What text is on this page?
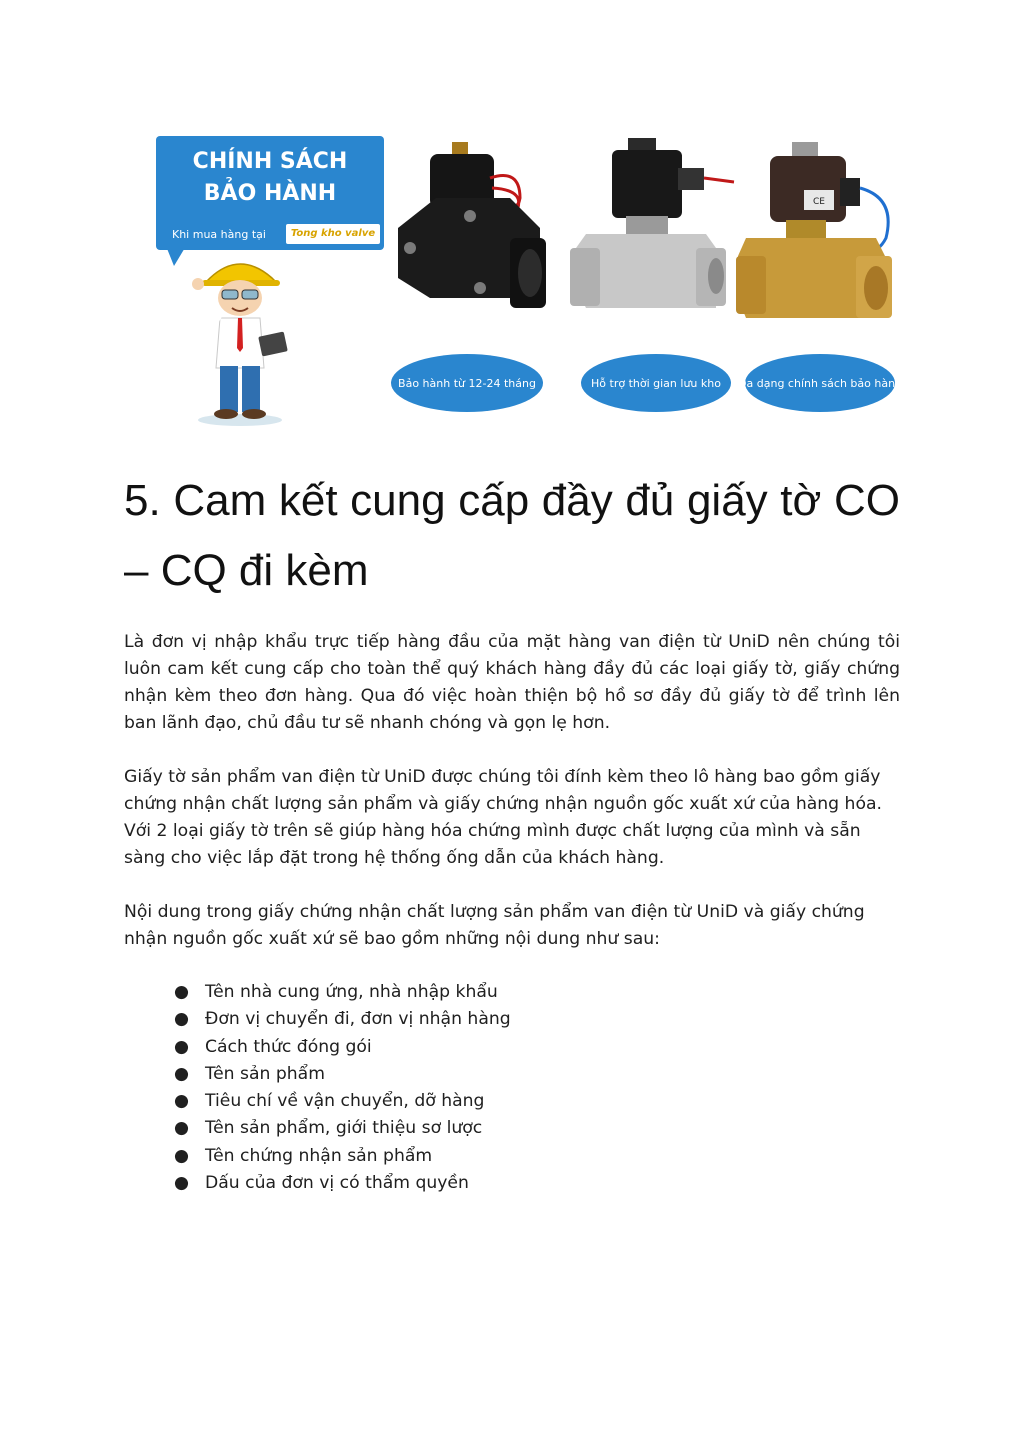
CHÍNH SÁCH
BẢO HÀNH
Khi mua hàng tại	Tong kho valve
CE
Bảo hành từ 12-24 tháng	Hỗ trợ thời gian lưu kho	Đa dạng chính sách bảo hành
5. Cam kết cung cấp đầy đủ giấy tờ CO – CQ đi kèm

Là đơn vị nhập khẩu trực tiếp hàng đầu của mặt hàng van điện từ UniD nên chúng tôi luôn cam kết cung cấp cho toàn thể quý khách hàng đầy đủ các loại giấy tờ, giấy chứng nhận kèm theo đơn hàng. Qua đó việc hoàn thiện bộ hồ sơ đầy đủ giấy tờ để trình lên ban lãnh đạo, chủ đầu tư sẽ nhanh chóng và gọn lẹ hơn.

Giấy tờ sản phẩm van điện từ UniD được chúng tôi đính kèm theo lô hàng bao gồm giấy chứng nhận chất lượng sản phẩm và giấy chứng nhận nguồn gốc xuất xứ của hàng hóa. Với 2 loại giấy tờ trên sẽ giúp hàng hóa chứng mình được chất lượng của mình và sẵn sàng cho việc lắp đặt trong hệ thống ống dẫn của khách hàng.

Nội dung trong giấy chứng nhận chất lượng sản phẩm van điện từ UniD và giấy chứng nhận nguồn gốc xuất xứ sẽ bao gồm những nội dung như sau:

● Tên nhà cung ứng, nhà nhập khẩu
● Đơn vị chuyển đi, đơn vị nhận hàng
● Cách thức đóng gói
● Tên sản phẩm
● Tiêu chí về vận chuyển, dỡ hàng
● Tên sản phẩm, giới thiệu sơ lược
● Tên chứng nhận sản phẩm
● Dấu của đơn vị có thẩm quyền
